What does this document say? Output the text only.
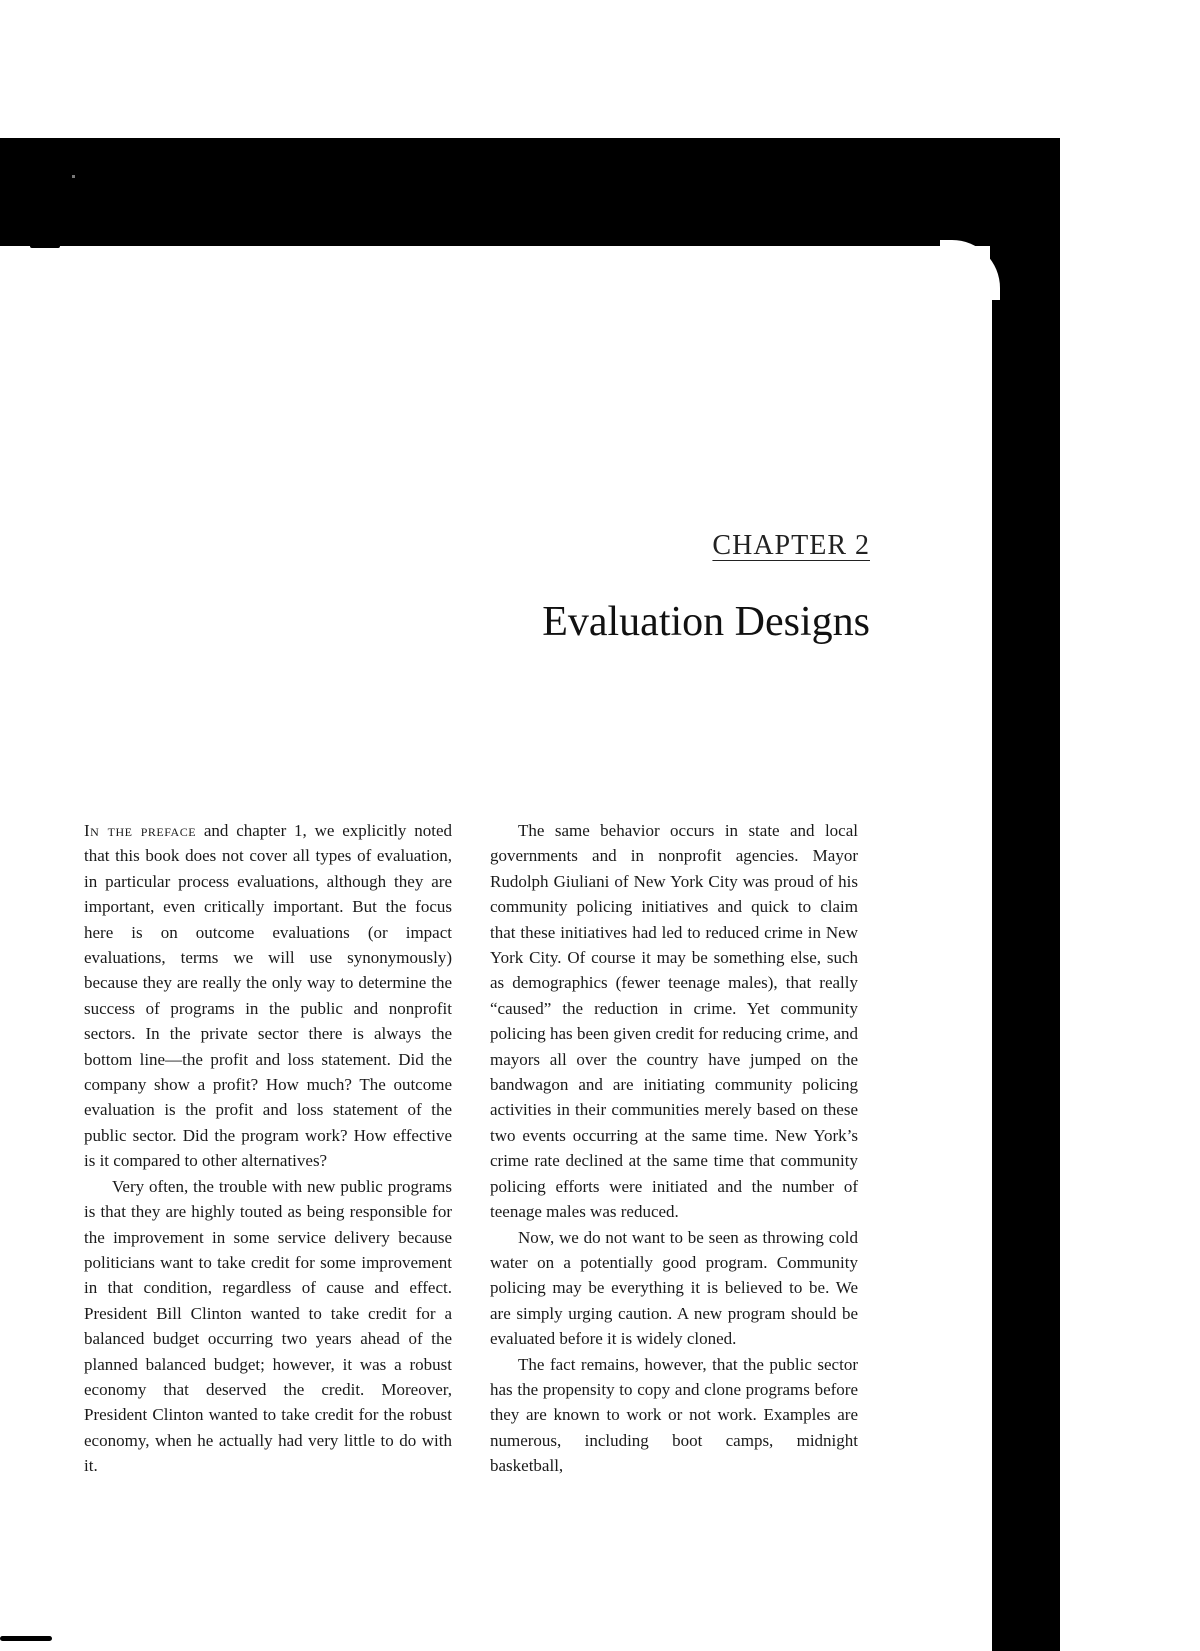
CHAPTER 2
Evaluation Designs

In the preface and chapter 1, we explicitly noted that this book does not cover all types of evaluation, in particular process evaluations, although they are important, even critically important. But the focus here is on outcome evaluations (or impact evaluations, terms we will use synonymously) because they are really the only way to determine the success of programs in the public and nonprofit sectors. In the private sector there is always the bottom line—the profit and loss statement. Did the company show a profit? How much? The outcome evaluation is the profit and loss statement of the public sector. Did the program work? How effective is it compared to other alternatives?

Very often, the trouble with new public programs is that they are highly touted as being responsible for the improvement in some service delivery because politicians want to take credit for some improvement in that condition, regardless of cause and effect. President Bill Clinton wanted to take credit for a balanced budget occurring two years ahead of the planned balanced budget; however, it was a robust economy that deserved the credit. Moreover, President Clinton wanted to take credit for the robust economy, when he actually had very little to do with it.

The same behavior occurs in state and local governments and in nonprofit agencies. Mayor Rudolph Giuliani of New York City was proud of his community policing initiatives and quick to claim that these initiatives had led to reduced crime in New York City. Of course it may be something else, such as demographics (fewer teenage males), that really “caused” the reduction in crime. Yet community policing has been given credit for reducing crime, and mayors all over the country have jumped on the bandwagon and are initiating community policing activities in their communities merely based on these two events occurring at the same time. New York’s crime rate declined at the same time that community policing efforts were initiated and the number of teenage males was reduced.

Now, we do not want to be seen as throwing cold water on a potentially good program. Community policing may be everything it is believed to be. We are simply urging caution. A new program should be evaluated before it is widely cloned.

The fact remains, however, that the public sector has the propensity to copy and clone programs before they are known to work or not work. Examples are numerous, including boot camps, midnight basketball,
